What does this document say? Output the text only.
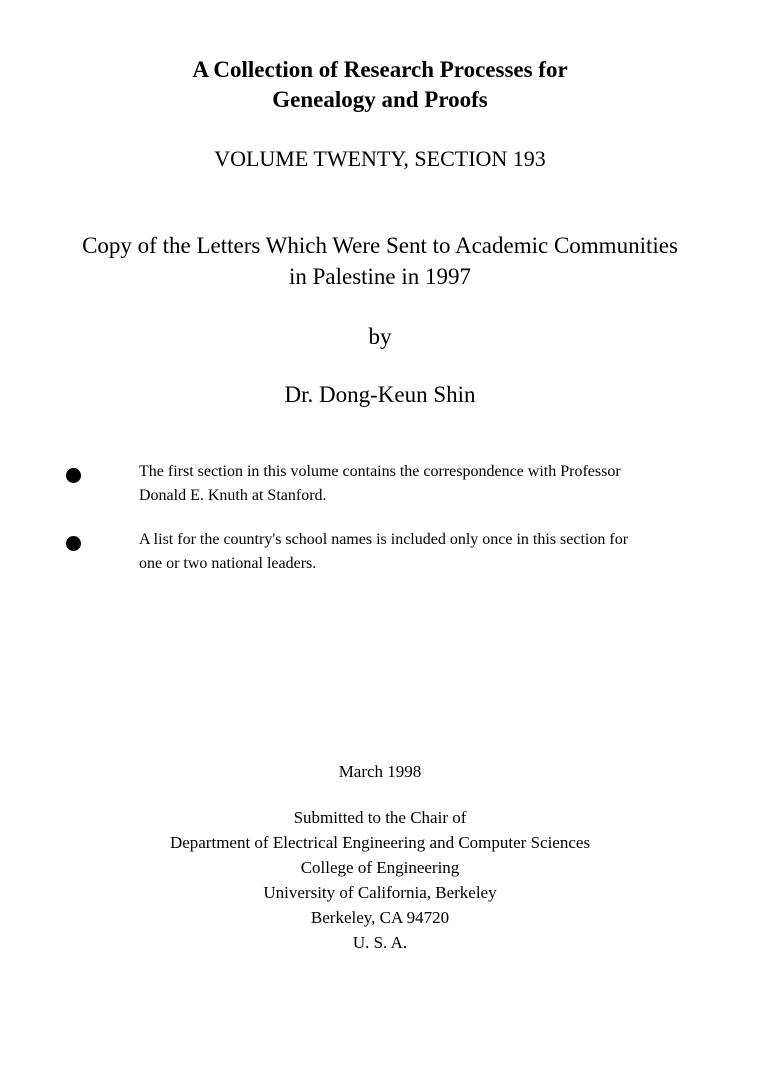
A Collection of Research Processes for
Genealogy and Proofs
VOLUME TWENTY, SECTION 193
Copy of the Letters Which Were Sent to Academic Communities
in Palestine in 1997
by
Dr. Dong-Keun Shin
The first section in this volume contains the correspondence with Professor
Donald E. Knuth at Stanford.
A list for the country's school names is included only once in this section for
one or two national leaders.
March 1998
Submitted to the Chair of
Department of Electrical Engineering and Computer Sciences
College of Engineering
University of California, Berkeley
Berkeley, CA 94720
U. S. A.
